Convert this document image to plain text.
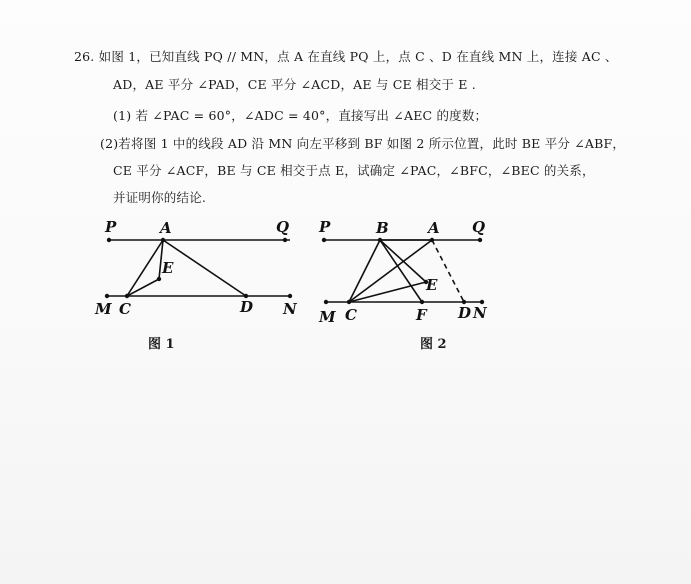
26. 如图 1，已知直线 PQ // MN，点 A 在直线 PQ 上，点 C 、D 在直线 MN 上，连接 AC 、
AD，AE 平分 ∠PAD，CE 平分 ∠ACD，AE 与 CE 相交于 E .
(1) 若 ∠PAC = 60°，∠ADC = 40°，直接写出 ∠AEC 的度数；
(2)若将图 1 中的线段 AD 沿 MN 向左平移到 BF 如图 2 所示位置，此时 BE 平分 ∠ABF，
CE 平分 ∠ACF，BE 与 CE 相交于点 E，试确定 ∠PAC，∠BFC，∠BEC 的关系，
并证明你的结论.
P	A	Q
E
M C	D N
P	B	A Q
E
M C	F D N
图 1	图 2
